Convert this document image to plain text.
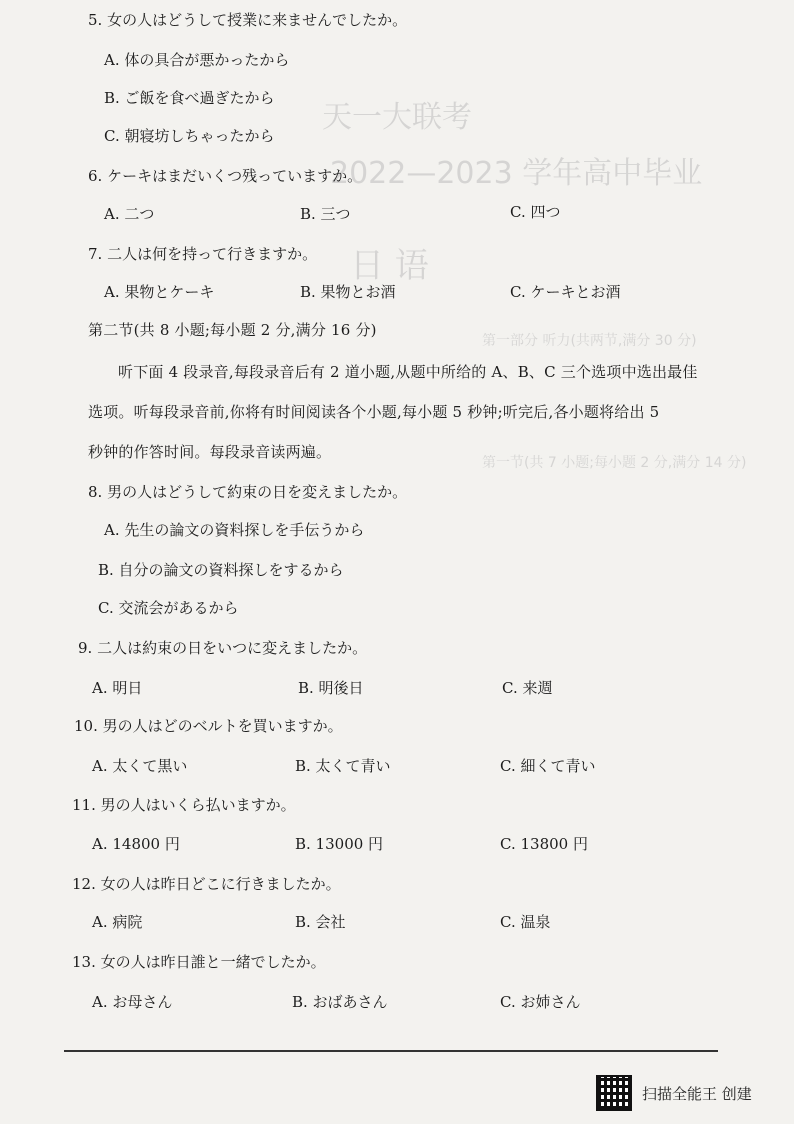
天一大联考
2022—2023 学年高中毕业
日 语
第一部分 听力(共两节,满分 30 分)
第一节(共 7 小题;每小题 2 分,满分 14 分)
5. 女の人はどうして授業に来ませんでしたか。
A. 体の具合が悪かったから
B. ご飯を食べ過ぎたから
C. 朝寝坊しちゃったから
6. ケーキはまだいくつ残っていますか。
A. 二つ	B. 三つ	C. 四つ
7. 二人は何を持って行きますか。
A. 果物とケーキ	B. 果物とお酒	C. ケーキとお酒
第二节(共 8 小题;每小题 2 分,满分 16 分)
听下面 4 段录音,每段录音后有 2 道小题,从题中所给的 A、B、C 三个选项中选出最佳
选项。听每段录音前,你将有时间阅读各个小题,每小题 5 秒钟;听完后,各小题将给出 5
秒钟的作答时间。每段录音读两遍。
8. 男の人はどうして約束の日を変えましたか。
A. 先生の論文の資料探しを手伝うから
B. 自分の論文の資料探しをするから
C. 交流会があるから
9. 二人は約束の日をいつに変えましたか。
A. 明日	B. 明後日	C. 来週
10. 男の人はどのベルトを買いますか。
A. 太くて黒い	B. 太くて青い	C. 細くて青い
11. 男の人はいくら払いますか。
A. 14800 円	B. 13000 円	C. 13800 円
12. 女の人は昨日どこに行きましたか。
A. 病院	B. 会社	C. 温泉
13. 女の人は昨日誰と一緒でしたか。
A. お母さん	B. おばあさん	C. お姉さん
扫描全能王 创建
